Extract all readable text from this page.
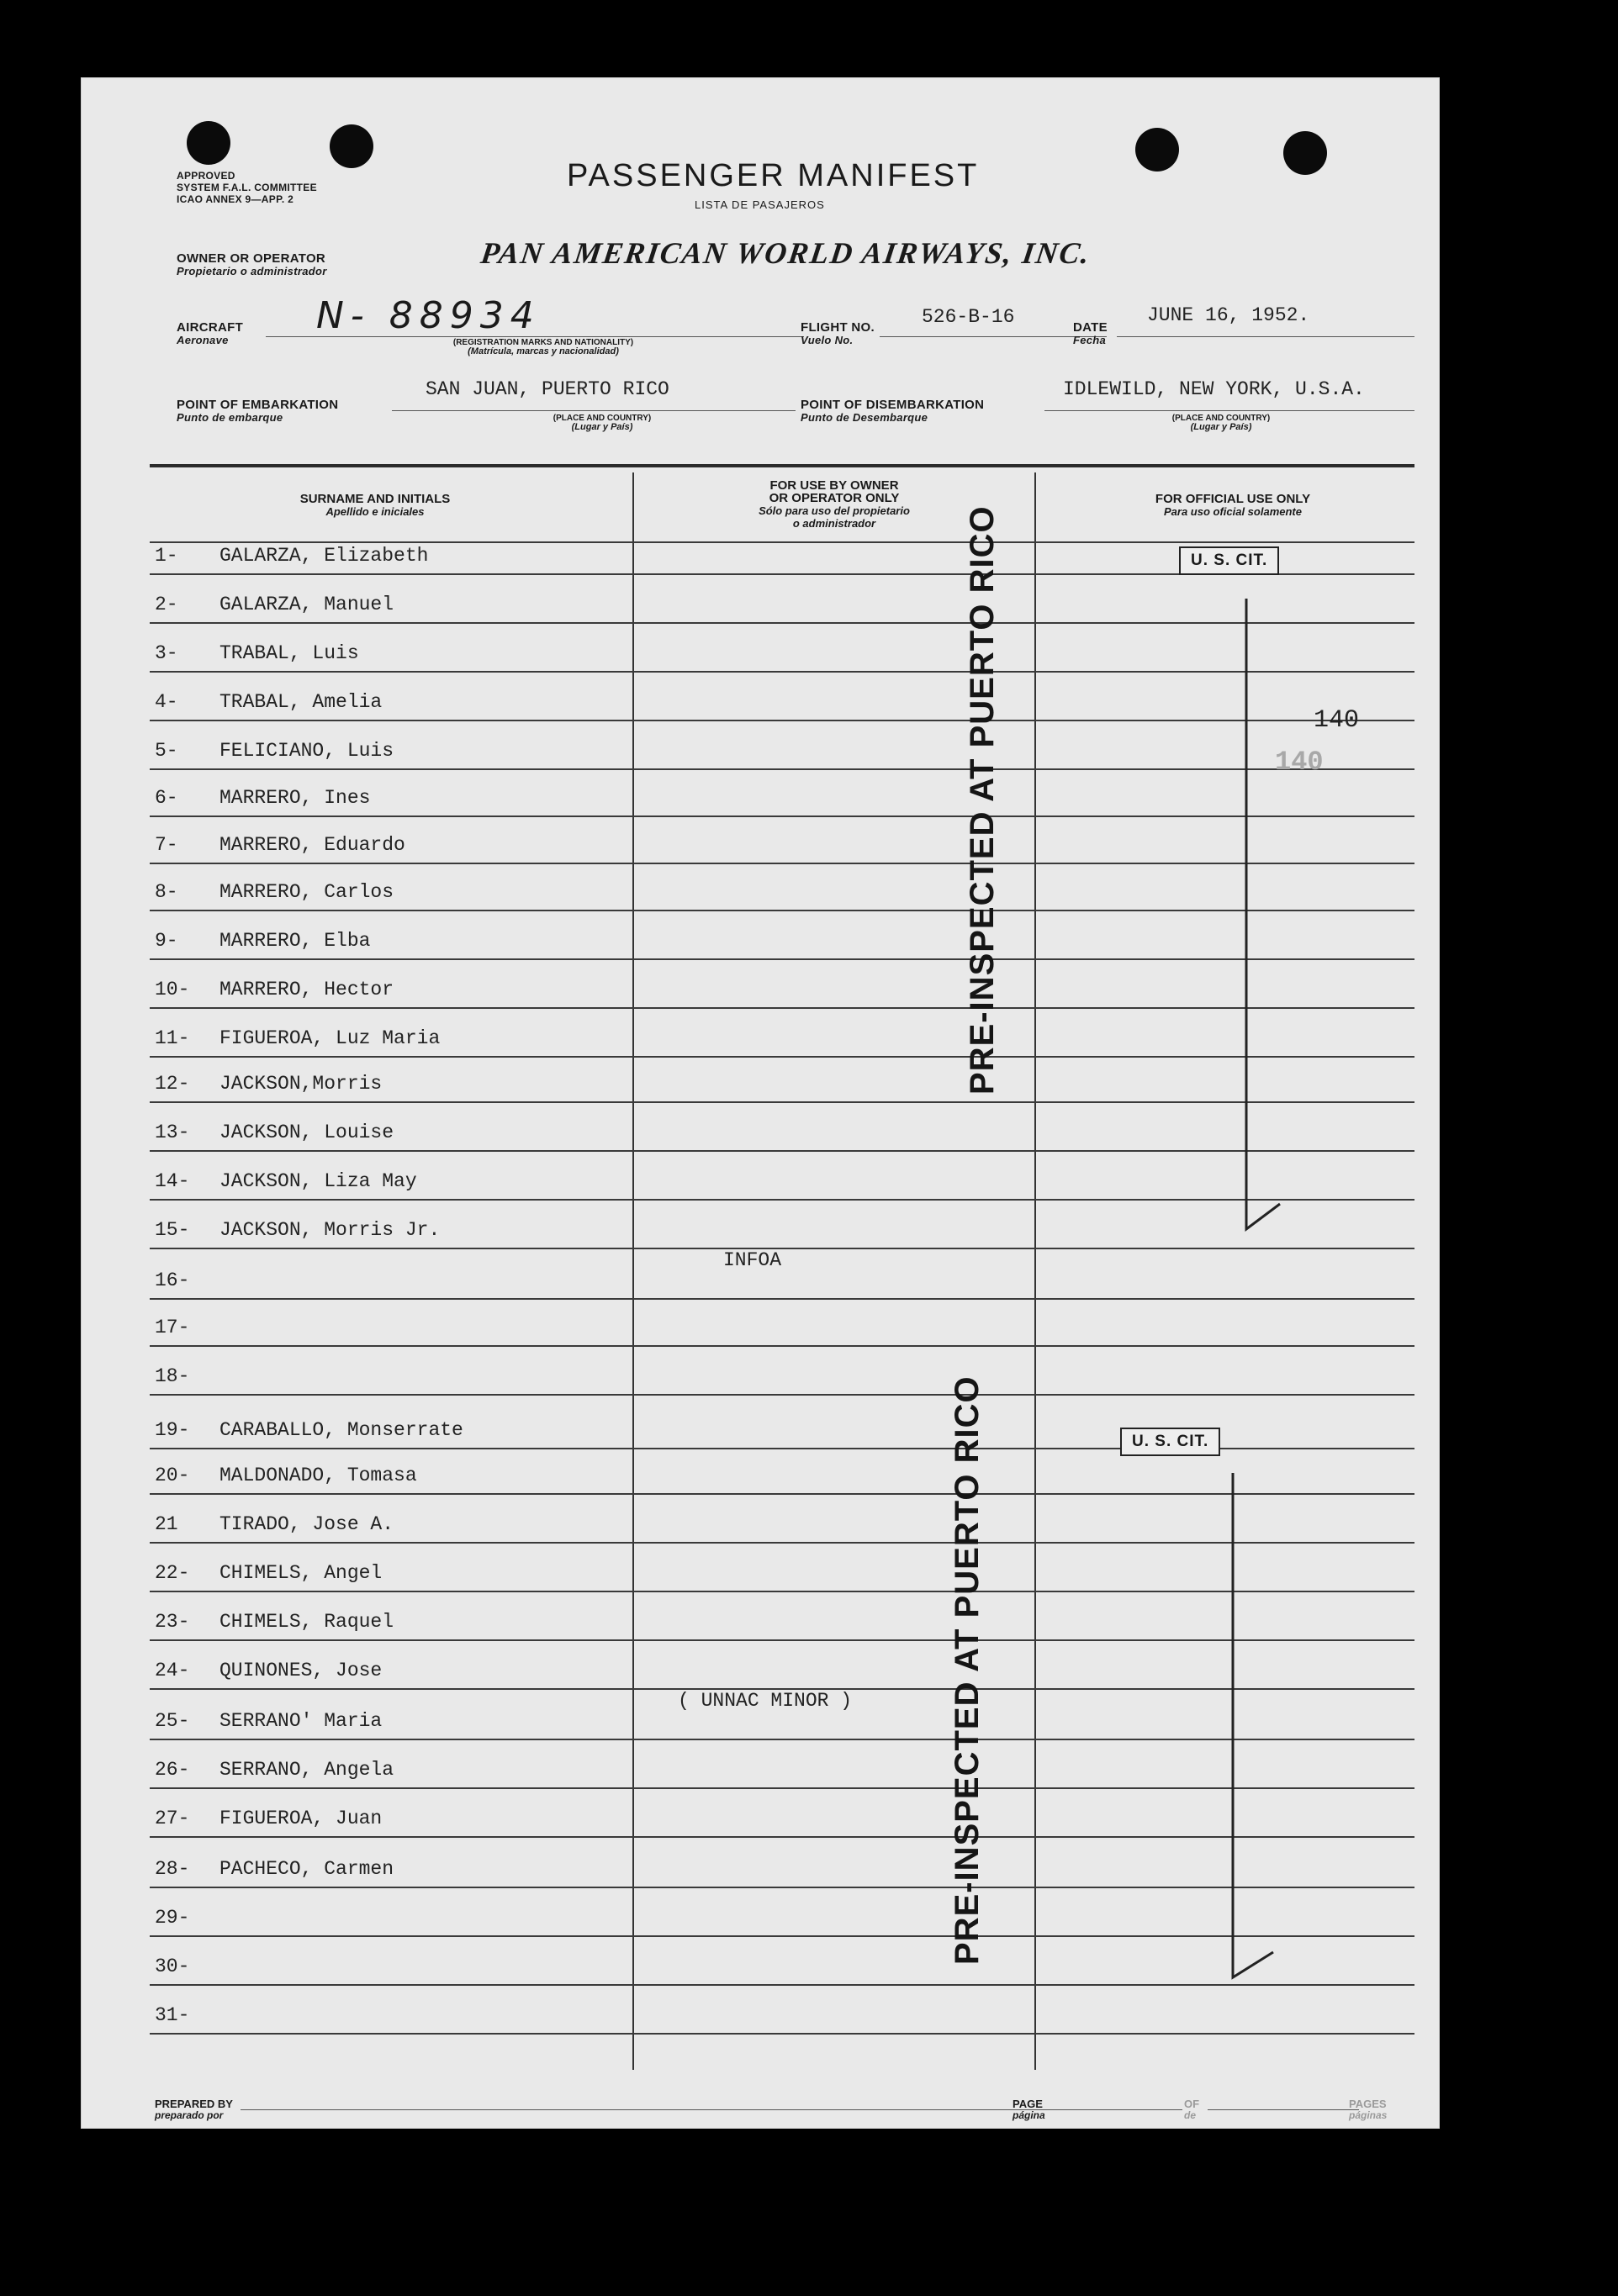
APPROVED
SYSTEM F.A.L. COMMITTEE
ICAO ANNEX 9—APP. 2
PASSENGER MANIFEST
LISTA DE PASAJEROS
OWNER OR OPERATOR
Propietario o administrador
PAN AMERICAN WORLD AIRWAYS, INC.
AIRCRAFT
Aeronave
N- 88934
(REGISTRATION MARKS AND NATIONALITY)
(Matrícula, marcas y nacionalidad)
FLIGHT NO.
Vuelo No.
526-B-16	DATE
Fecha
JUNE 16, 1952.
POINT OF EMBARKATION
Punto de embarque
SAN JUAN, PUERTO RICO
(PLACE AND COUNTRY)
(Lugar y País)
POINT OF DISEMBARKATION
Punto de Desembarque
IDLEWILD, NEW YORK, U.S.A.
(PLACE AND COUNTRY)
(Lugar y País)
SURNAME AND INITIALS
Apellido e iniciales
FOR USE BY OWNER
OR OPERATOR ONLY
Sólo para uso del propietario
o administrador
FOR OFFICIAL USE ONLY
Para uso oficial solamente
1- GALARZA, Elizabeth
2- GALARZA, Manuel
3- TRABAL, Luis
4- TRABAL, Amelia
5- FELICIANO, Luis
6- MARRERO, Ines
7- MARRERO, Eduardo
8- MARRERO, Carlos
9- MARRERO, Elba
10- MARRERO, Hector
11- FIGUEROA, Luz Maria
12- JACKSON,Morris
13- JACKSON, Louise
14- JACKSON, Liza May
15- JACKSON, Morris Jr.
16-
17-
18-
19- CARABALLO, Monserrate
20- MALDONADO, Tomasa
21 TIRADO, Jose A.
22- CHIMELS, Angel
23- CHIMELS, Raquel
24- QUINONES, Jose
25- SERRANO' Maria
26- SERRANO, Angela
27- FIGUEROA, Juan
28- PACHECO, Carmen
29-
30-
31-
INFOA
( UNNAC MINOR )
PRE-INSPECTED AT PUERTO RICO
PRE-INSPECTED AT PUERTO RICO
U. S. CIT.
U. S. CIT.
140
140
PREPARED BY
preparado por
PAGE
página
OF
de
PAGES
páginas
